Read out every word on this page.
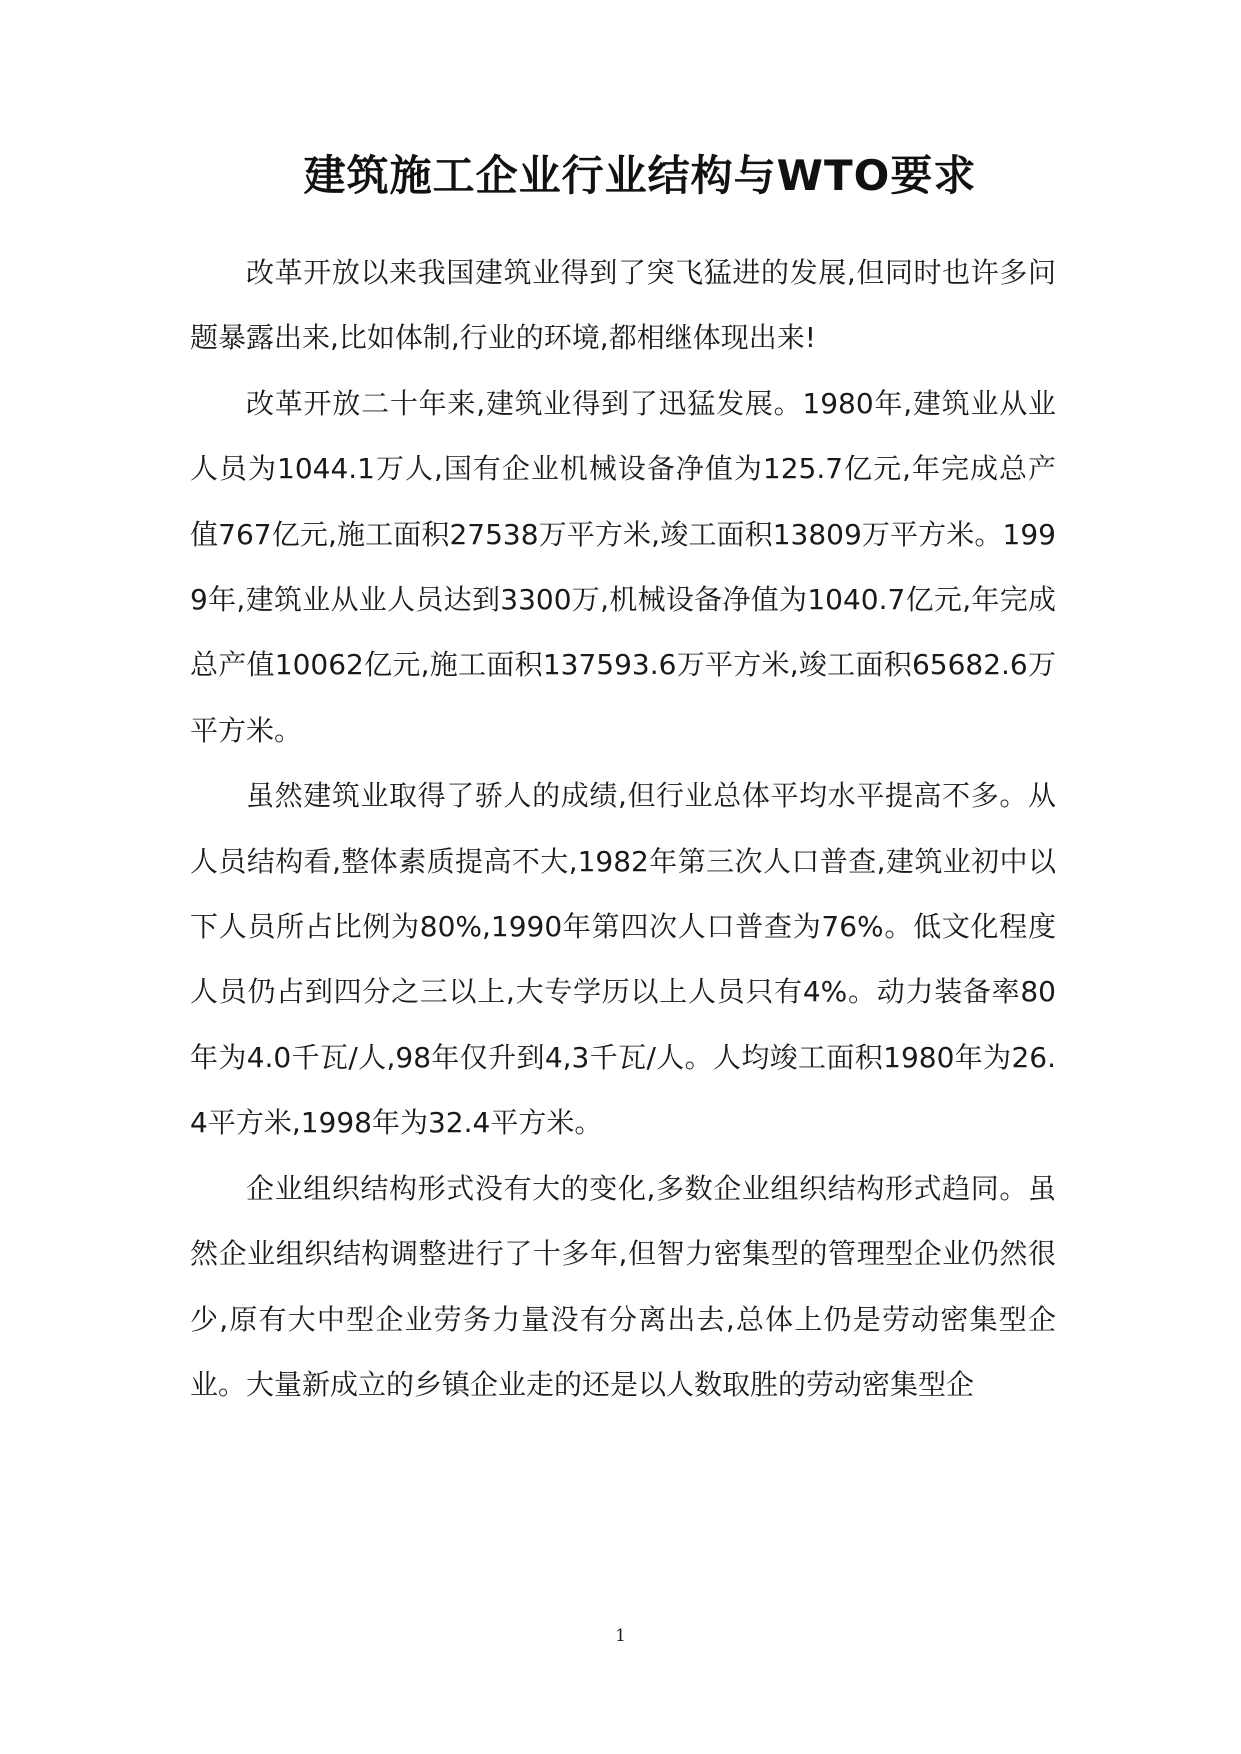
建筑施工企业行业结构与WTO要求

改革开放以来我国建筑业得到了突飞猛进的发展,但同时也许多问题暴露出来,比如体制,行业的环境,都相继体现出来!

改革开放二十年来,建筑业得到了迅猛发展。1980年,建筑业从业人员为1044.1万人,国有企业机械设备净值为125.7亿元,年完成总产值767亿元,施工面积27538万平方米,竣工面积13809万平方米。1999年,建筑业从业人员达到3300万,机械设备净值为1040.7亿元,年完成总产值10062亿元,施工面积137593.6万平方米,竣工面积65682.6万平方米。

虽然建筑业取得了骄人的成绩,但行业总体平均水平提高不多。从人员结构看,整体素质提高不大,1982年第三次人口普查,建筑业初中以下人员所占比例为80%,1990年第四次人口普查为76%。低文化程度人员仍占到四分之三以上,大专学历以上人员只有4%。动力装备率80年为4.0千瓦/人,98年仅升到4,3千瓦/人。人均竣工面积1980年为26.4平方米,1998年为32.4平方米。

企业组织结构形式没有大的变化,多数企业组织结构形式趋同。虽然企业组织结构调整进行了十多年,但智力密集型的管理型企业仍然很少,原有大中型企业劳务力量没有分离出去,总体上仍是劳动密集型企业。大量新成立的乡镇企业走的还是以人数取胜的劳动密集型企

1
